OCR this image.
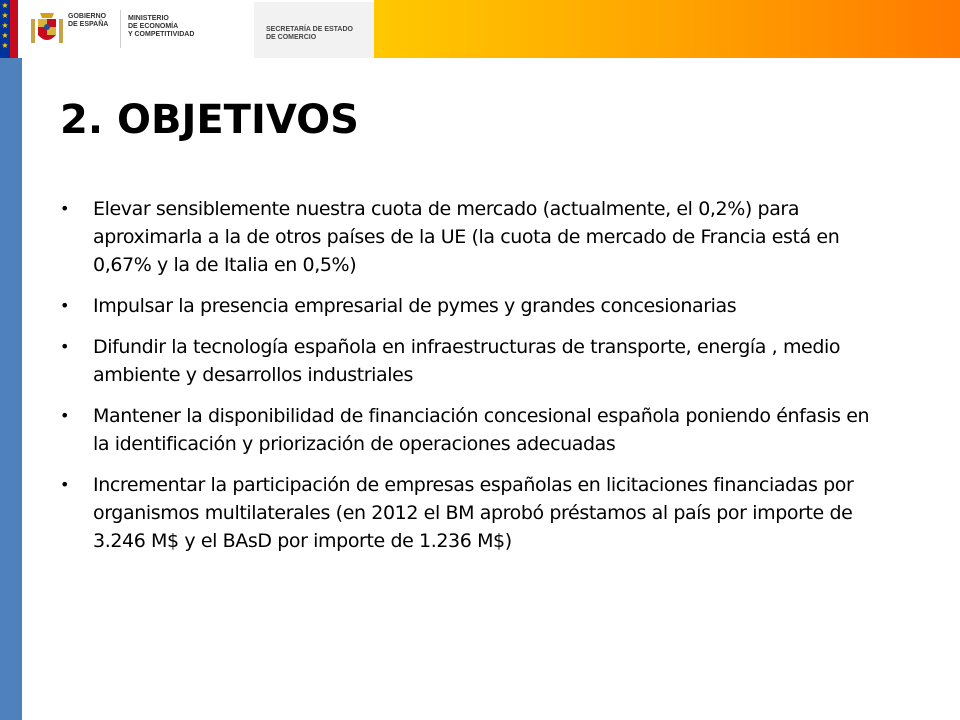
★
★
★
★
★
GOBIERNO
DE ESPAÑA
MINISTERIO
DE ECONOMÍA
Y COMPETITIVIDAD
SECRETARÍA DE ESTADO
DE COMERCIO
2. OBJETIVOS
• Elevar sensiblemente nuestra cuota de mercado (actualmente, el 0,2%) para aproximarla a la de otros países de la UE (la cuota de mercado de Francia está en 0,67% y la de Italia en 0,5%)
• Impulsar la presencia empresarial de pymes y grandes concesionarias
• Difundir la tecnología española en infraestructuras de transporte, energía , medio ambiente y desarrollos industriales
• Mantener la disponibilidad de financiación concesional española poniendo énfasis en la identificación y priorización de operaciones adecuadas
• Incrementar la participación de empresas españolas en licitaciones financiadas por organismos multilaterales (en 2012 el BM aprobó préstamos al país por importe de 3.246 M$ y el BAsD por importe de 1.236 M$)
